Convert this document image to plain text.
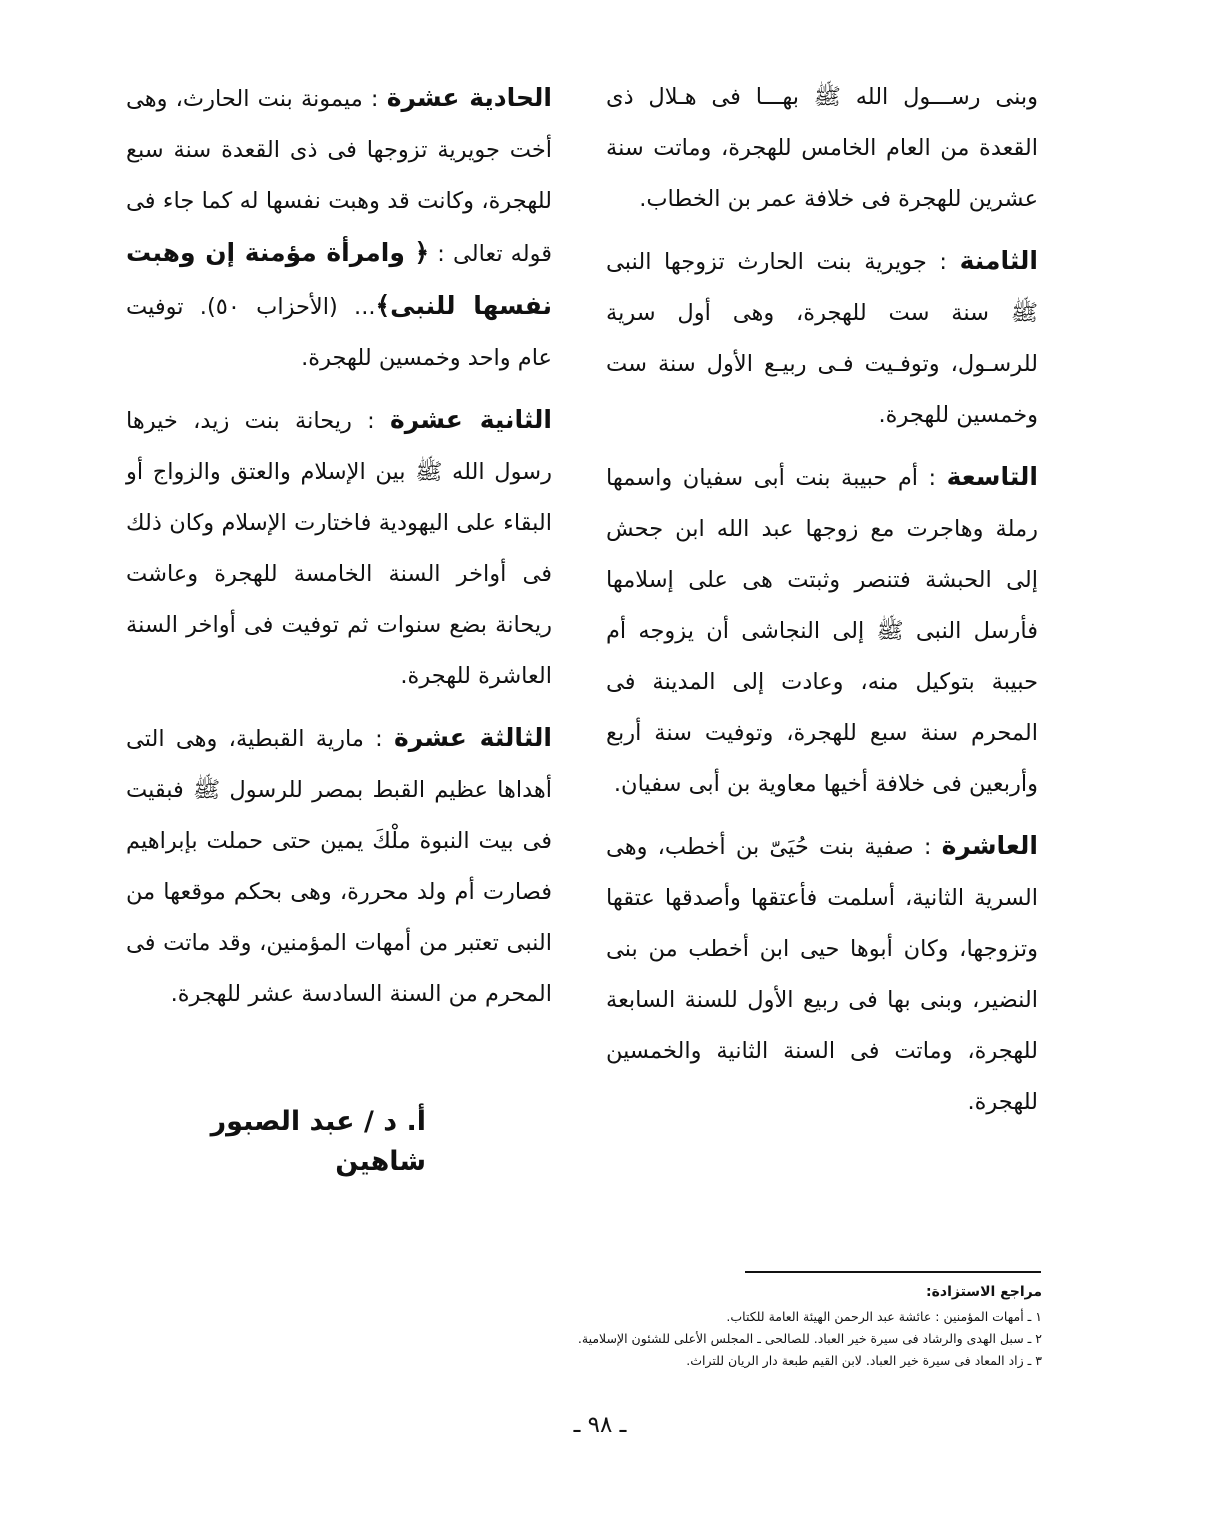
وبنى رســـول الله ﷺ بهـــا فى هـلال ذى القعدة من العام الخامس للهجرة، وماتت سنة عشرين للهجرة فى خلافة عمر بن الخطاب.

الثامنة : جويرية بنت الحارث تزوجها النبى ﷺ سنة ست للهجرة، وهى أول سرية للرسـول، وتوفـيت فـى ربيـع الأول سنة ست وخمسين للهجرة.

التاسعة : أم حبيبة بنت أبى سفيان واسمها رملة وهاجرت مع زوجها عبد الله ابن جحش إلى الحبشة فتنصر وثبتت هى على إسلامها فأرسل النبى ﷺ إلى النجاشى أن يزوجه أم حبيبة بتوكيل منه، وعادت إلى المدينة فى المحرم سنة سبع للهجرة، وتوفيت سنة أربع وأربعين فى خلافة أخيها معاوية بن أبى سفيان.

العاشرة : صفية بنت حُيَىّ بن أخطب، وهى السرية الثانية، أسلمت فأعتقها وأصدقها عتقها وتزوجها، وكان أبوها حيى ابن أخطب من بنى النضير، وبنى بها فى ربيع الأول للسنة السابعة للهجرة، وماتت فى السنة الثانية والخمسين للهجرة.

الحادية عشرة : ميمونة بنت الحارث، وهى أخت جويرية تزوجها فى ذى القعدة سنة سبع للهجرة، وكانت قد وهبت نفسها له كما جاء فى قوله تعالى : ﴿ وامرأة مؤمنة إن وهبت نفسها للنبى﴾... (الأحزاب ٥٠). توفيت عام واحد وخمسين للهجرة.

الثانية عشرة : ريحانة بنت زيد، خيرها رسول الله ﷺ بين الإسلام والعتق والزواج أو البقاء على اليهودية فاختارت الإسلام وكان ذلك فى أواخر السنة الخامسة للهجرة وعاشت ريحانة بضع سنوات ثم توفيت فى أواخر السنة العاشرة للهجرة.

الثالثة عشرة : مارية القبطية، وهى التى أهداها عظيم القبط بمصر للرسول ﷺ فبقيت فى بيت النبوة ملْكَ يمين حتى حملت بإبراهيم فصارت أم ولد محررة، وهى بحكم موقعها من النبى تعتبر من أمهات المؤمنين، وقد ماتت فى المحرم من السنة السادسة عشر للهجرة.

أ. د / عبد الصبور شاهين
مراجع الاستزادة:
١ ـ أمهات المؤمنين : عائشة عبد الرحمن الهيئة العامة للكتاب.
٢ ـ سبل الهدى والرشاد فى سيرة خير العباد. للصالحى ـ المجلس الأعلى للشئون الإسلامية.
٣ ـ زاد المعاد فى سيرة خير العباد. لابن القيم طبعة دار الريان للتراث.
ـ ٩٨ ـ
